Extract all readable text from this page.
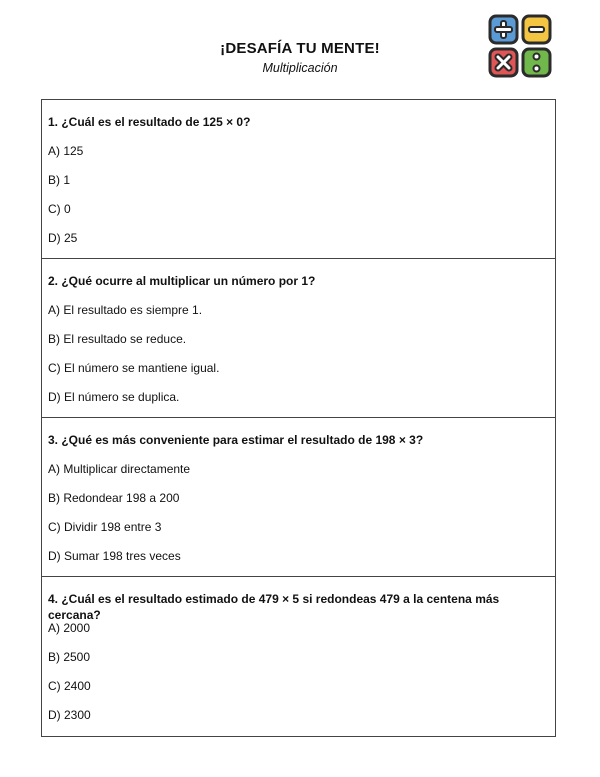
¡DESAFÍA TU MENTE!
Multiplicación
1. ¿Cuál es el resultado de 125 × 0?
A) 125
B) 1
C) 0
D) 25
2. ¿Qué ocurre al multiplicar un número por 1?
A) El resultado es siempre 1.
B) El resultado se reduce.
C) El número se mantiene igual.
D) El número se duplica.
3. ¿Qué es más conveniente para estimar el resultado de 198 × 3?
A) Multiplicar directamente
B) Redondear 198 a 200
C) Dividir 198 entre 3
D) Sumar 198 tres veces
4. ¿Cuál es el resultado estimado de 479 × 5 si redondeas 479 a la centena más cercana?
A) 2000
B) 2500
C) 2400
D) 2300
